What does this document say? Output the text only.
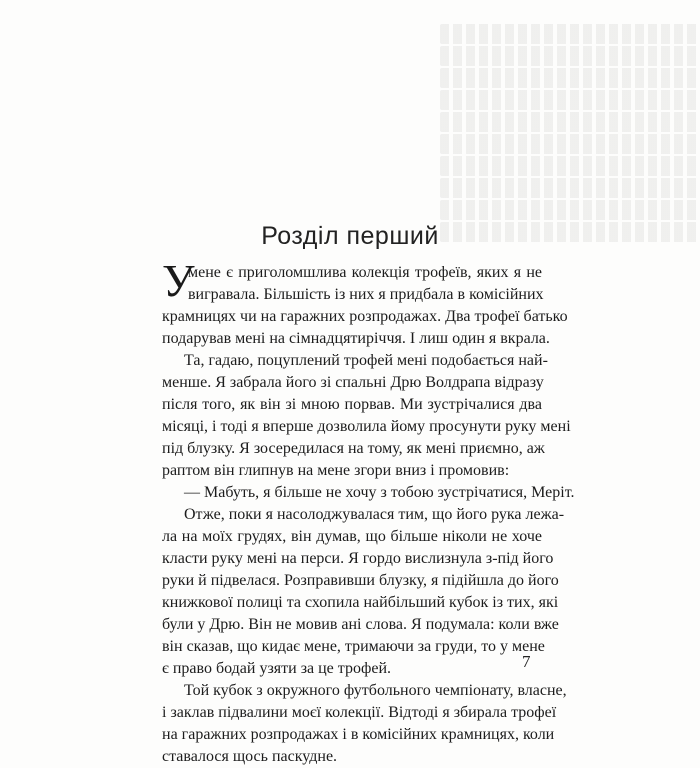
Розділ перший
У
мене є приголомшлива колекція трофеїв, яких я не
вигравала. Більшість із них я придбала в комісійних
крамницях чи на гаражних розпродажах. Два трофеї батько
подарував мені на сімнадцятиріччя. І лиш один я вкрала.
Та, гадаю, поцуплений трофей мені подобається най-
менше. Я забрала його зі спальні Дрю Волдрапа відразу
після того, як він зі мною порвав. Ми зустрічалися два
місяці, і тоді я вперше дозволила йому просунути руку мені
під блузку. Я зосередилася на тому, як мені приємно, аж
раптом він глипнув на мене згори вниз і промовив:
— Мабуть, я більше не хочу з тобою зустрічатися, Меріт.
Отже, поки я насолоджувалася тим, що його рука лежа-
ла на моїх грудях, він думав, що більше ніколи не хоче
класти руку мені на перси. Я гордо вислизнула з-під його
руки й підвелася. Розправивши блузку, я підійшла до його
книжкової полиці та схопила найбільший кубок із тих, які
були у Дрю. Він не мовив ані слова. Я подумала: коли вже
він сказав, що кидає мене, тримаючи за груди, то у мене
є право бодай узяти за це трофей.
Той кубок з окружного футбольного чемпіонату, власне,
і заклав підвалини моєї колекції. Відтоді я збирала трофеї
на гаражних розпродажах і в комісійних крамницях, коли
ставалося щось паскудне.
7
